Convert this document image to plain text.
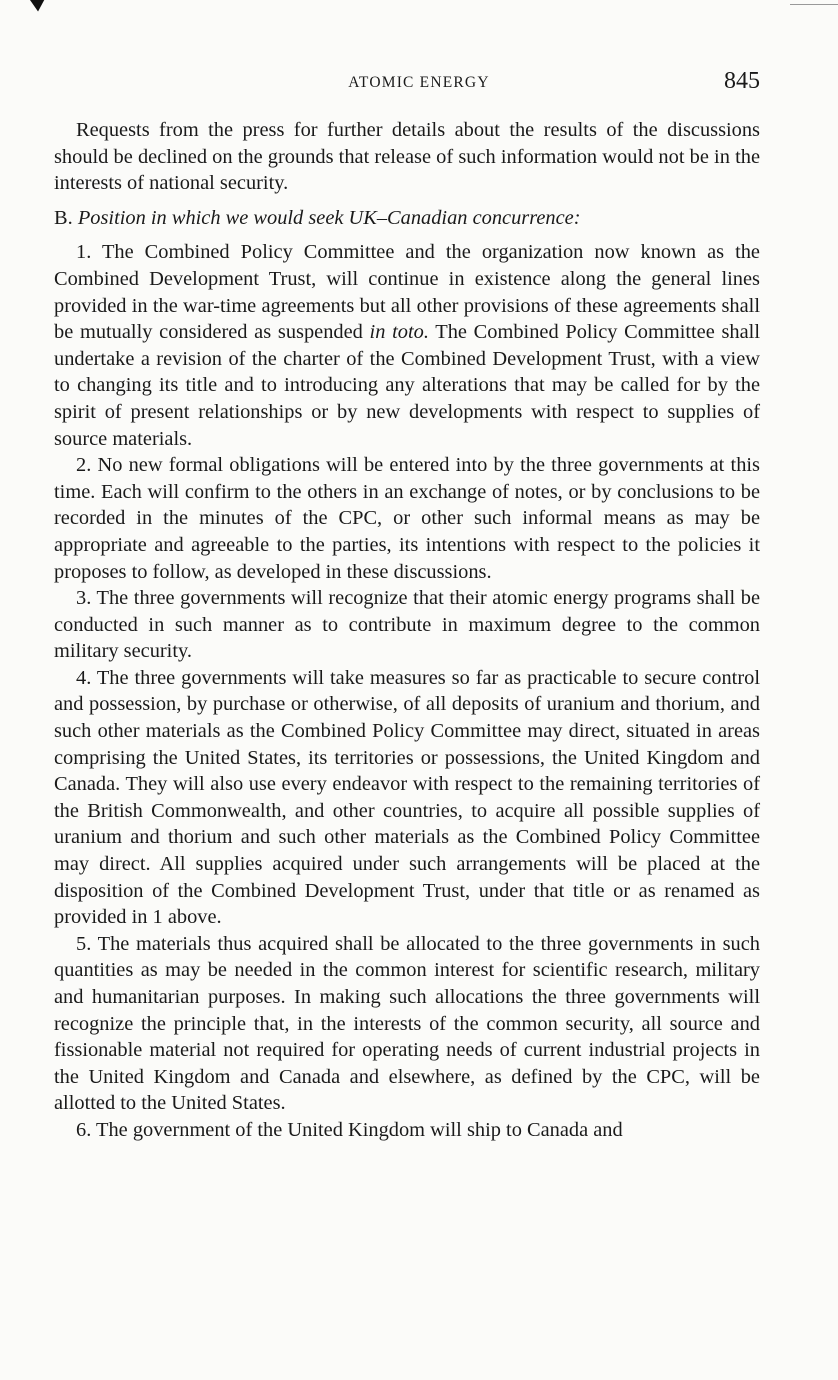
ATOMIC ENERGY	845

Requests from the press for further details about the results of the discussions should be declined on the grounds that release of such information would not be in the interests of national security.

B. Position in which we would seek UK–Canadian concurrence:

1. The Combined Policy Committee and the organization now known as the Combined Development Trust, will continue in existence along the general lines provided in the war-time agreements but all other provisions of these agreements shall be mutually considered as suspended in toto. The Combined Policy Committee shall undertake a revision of the charter of the Combined Development Trust, with a view to changing its title and to introducing any alterations that may be called for by the spirit of present relationships or by new developments with respect to supplies of source materials.

2. No new formal obligations will be entered into by the three governments at this time. Each will confirm to the others in an exchange of notes, or by conclusions to be recorded in the minutes of the CPC, or other such informal means as may be appropriate and agreeable to the parties, its intentions with respect to the policies it proposes to follow, as developed in these discussions.

3. The three governments will recognize that their atomic energy programs shall be conducted in such manner as to contribute in maximum degree to the common military security.

4. The three governments will take measures so far as practicable to secure control and possession, by purchase or otherwise, of all deposits of uranium and thorium, and such other materials as the Combined Policy Committee may direct, situated in areas comprising the United States, its territories or possessions, the United Kingdom and Canada. They will also use every endeavor with respect to the remaining territories of the British Commonwealth, and other countries, to acquire all possible supplies of uranium and thorium and such other materials as the Combined Policy Committee may direct. All supplies acquired under such arrangements will be placed at the disposition of the Combined Development Trust, under that title or as renamed as provided in 1 above.

5. The materials thus acquired shall be allocated to the three governments in such quantities as may be needed in the common interest for scientific research, military and humanitarian purposes. In making such allocations the three governments will recognize the principle that, in the interests of the common security, all source and fissionable material not required for operating needs of current industrial projects in the United Kingdom and Canada and elsewhere, as defined by the CPC, will be allotted to the United States.

6. The government of the United Kingdom will ship to Canada and
